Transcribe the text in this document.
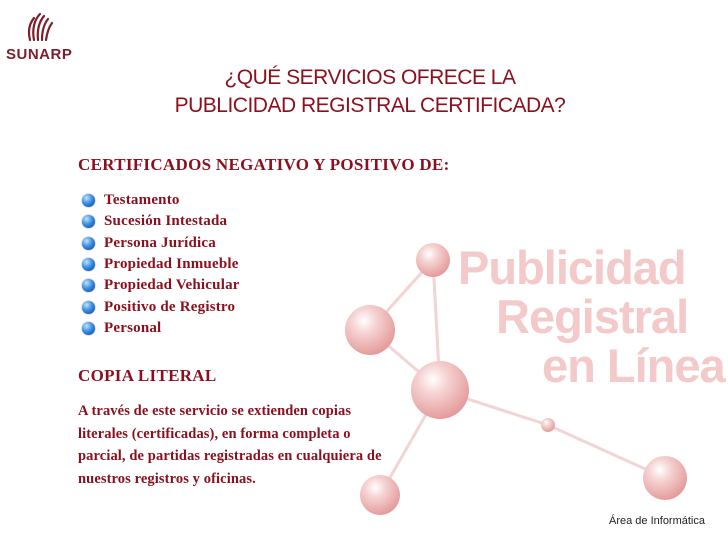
Publicidad
Registral
en Línea
SUNARP
¿QUÉ SERVICIOS OFRECE LA
PUBLICIDAD REGISTRAL CERTIFICADA?
CERTIFICADOS NEGATIVO Y POSITIVO DE:
Testamento
Sucesión Intestada
Persona Jurídica
Propiedad Inmueble
Propiedad Vehicular
Positivo de Registro
Personal
COPIA LITERAL
A través de este servicio se extienden copias
literales (certificadas), en forma completa o
parcial, de partidas registradas en cualquiera de
nuestros registros y oficinas.
Área de Informática
